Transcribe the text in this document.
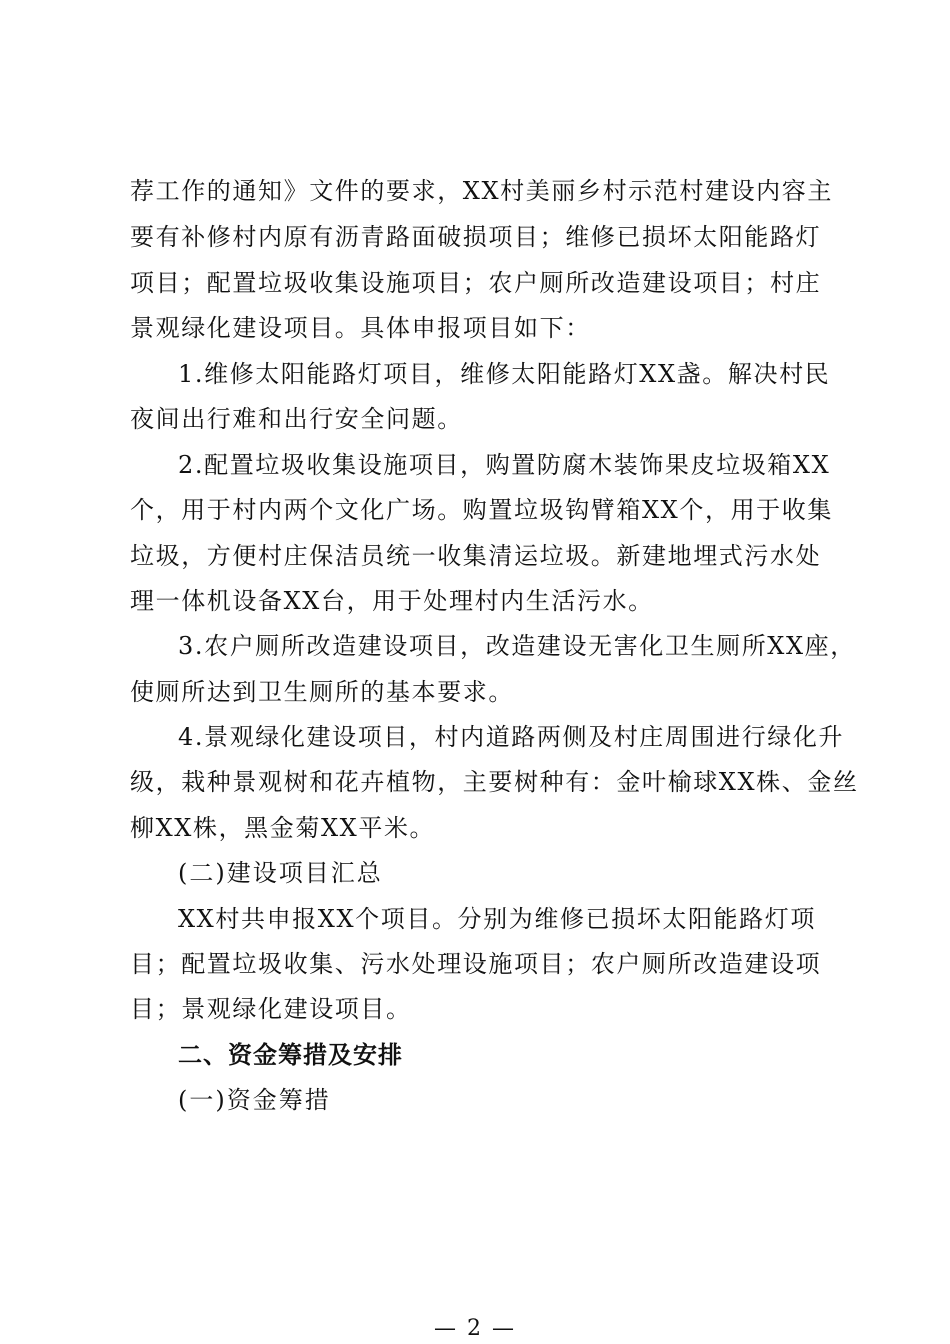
荐工作的通知》文件的要求，XX村美丽乡村示范村建设内容主
要有补修村内原有沥青路面破损项目；维修已损坏太阳能路灯
项目；配置垃圾收集设施项目；农户厕所改造建设项目；村庄
景观绿化建设项目。具体申报项目如下：
1.维修太阳能路灯项目，维修太阳能路灯XX盏。解决村民
夜间出行难和出行安全问题。
2.配置垃圾收集设施项目，购置防腐木装饰果皮垃圾箱XX
个，用于村内两个文化广场。购置垃圾钩臂箱XX个，用于收集
垃圾，方便村庄保洁员统一收集清运垃圾。新建地埋式污水处
理一体机设备XX台，用于处理村内生活污水。
3.农户厕所改造建设项目，改造建设无害化卫生厕所XX座，
使厕所达到卫生厕所的基本要求。
4.景观绿化建设项目，村内道路两侧及村庄周围进行绿化升
级，栽种景观树和花卉植物，主要树种有：金叶榆球XX株、金丝
柳XX株，黑金菊XX平米。
(二)建设项目汇总
XX村共申报XX个项目。分别为维修已损坏太阳能路灯项
目；配置垃圾收集、污水处理设施项目；农户厕所改造建设项
目；景观绿化建设项目。
二、资金筹措及安排
(一)资金筹措
— 2 —
